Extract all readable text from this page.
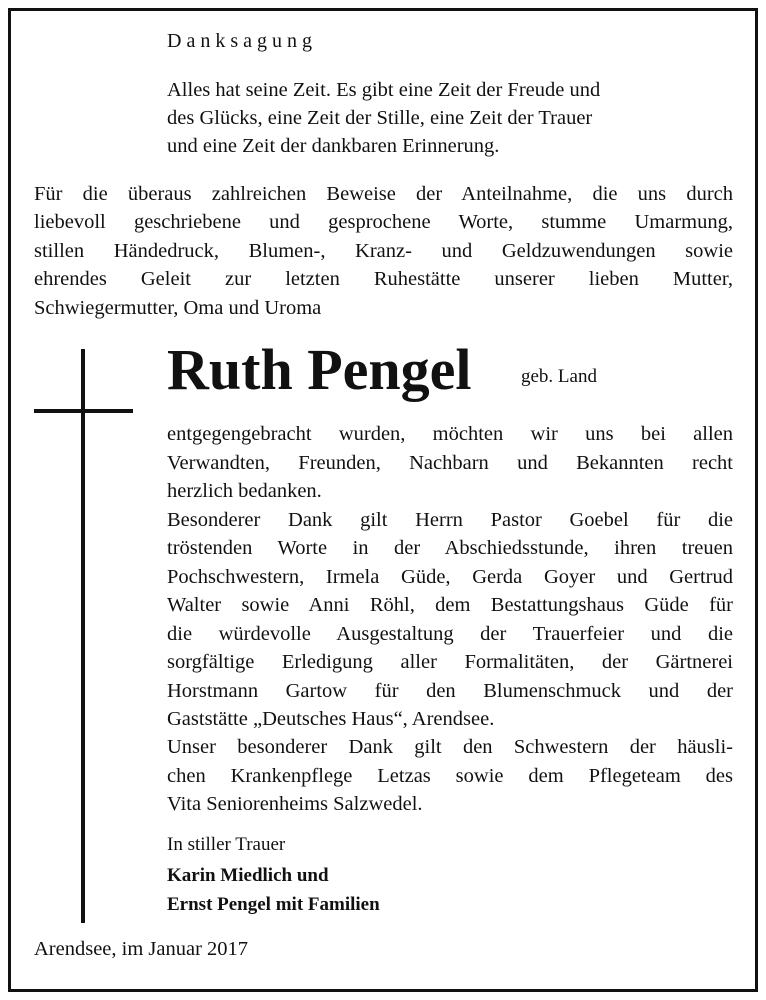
Danksagung
Alles hat seine Zeit. Es gibt eine Zeit der Freude und
des Glücks, eine Zeit der Stille, eine Zeit der Trauer
und eine Zeit der dankbaren Erinnerung.
Für die überaus zahlreichen Beweise der Anteilnahme, die uns durch
liebevoll geschriebene und gesprochene Worte, stumme Umarmung,
stillen Händedruck, Blumen-, Kranz- und Geldzuwendungen sowie
ehrendes Geleit zur letzten Ruhestätte unserer lieben Mutter,
Schwiegermutter, Oma und Uroma
Ruth Pengel	geb. Land
entgegengebracht wurden, möchten wir uns bei allen
Verwandten, Freunden, Nachbarn und Bekannten recht
herzlich bedanken.
Besonderer Dank gilt Herrn Pastor Goebel für die
tröstenden Worte in der Abschiedsstunde, ihren treuen
Pochschwestern, Irmela Güde, Gerda Goyer und Gertrud
Walter sowie Anni Röhl, dem Bestattungshaus Güde für
die würdevolle Ausgestaltung der Trauerfeier und die
sorgfältige Erledigung aller Formalitäten, der Gärtnerei
Horstmann Gartow für den Blumenschmuck und der
Gaststätte „Deutsches Haus“, Arendsee.
Unser besonderer Dank gilt den Schwestern der häusli-
chen Krankenpflege Letzas sowie dem Pflegeteam des
Vita Seniorenheims Salzwedel.
In stiller Trauer
Karin Miedlich und
Ernst Pengel mit Familien
Arendsee, im Januar 2017
